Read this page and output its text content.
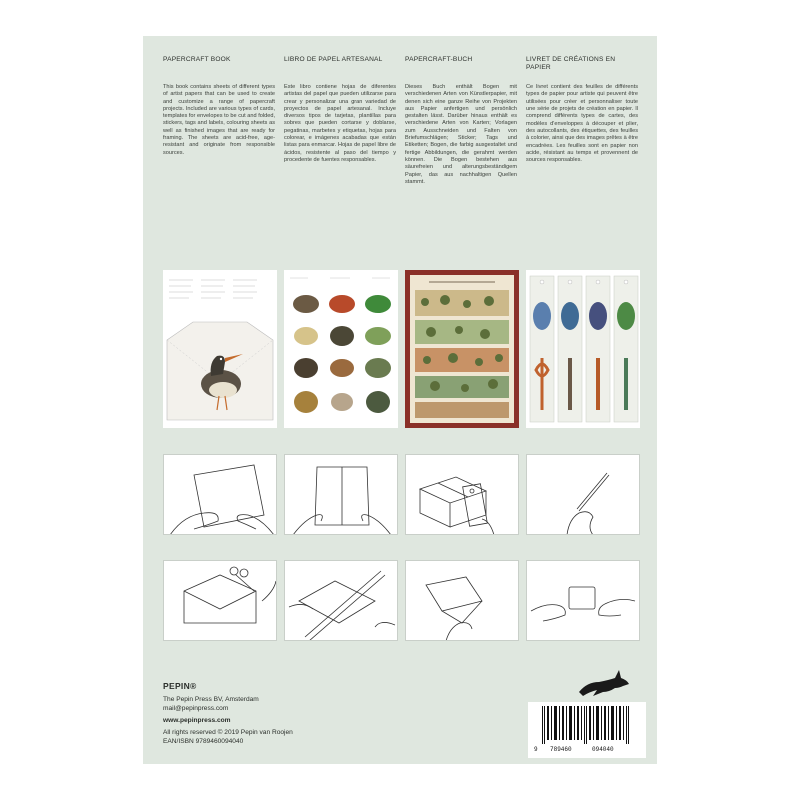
PAPERCRAFT BOOK

This book contains sheets of different types of artist papers that can be used to create and customize a range of papercraft projects. Included are various types of cards, templates for envelopes to be cut and folded, stickers, tags and labels, colouring sheets as well as finished images that are ready for framing. The sheets are acid-free, age-resistant and originate from responsible sources.

LIBRO DE PAPEL ARTESANAL

Este libro contiene hojas de diferentes artistas del papel que pueden utilizarse para crear y personalizar una gran variedad de proyectos de papel artesanal. Incluye diversos tipos de tarjetas, plantillas para sobres que pueden cortarse y doblarse, pegatinas, marbetes y etiquetas, hojas para colorear, e imágenes acabadas que están listas para enmarcar. Hojas de papel libre de ácidos, resistente al paso del tiempo y procedente de fuentes responsables.

PAPERCRAFT-BUCH

Dieses Buch enthält Bogen mit verschiedenen Arten von Künstlerpapier, mit denen sich eine ganze Reihe von Projekten aus Papier anfertigen und persönlich gestalten lässt. Darüber hinaus enthält es verschiedene Arten von Karten; Vorlagen zum Ausschneiden und Falten von Briefumschlägen; Sticker; Tags und Etiketten; Bogen, die farbig ausgestaltet und fertige Abbildungen, die gerahmt werden können. Die Bogen bestehen aus säurefreien und alterungsbeständigem Papier, das aus nachhaltigen Quellen stammt.

LIVRET DE CRÉATIONS EN PAPIER

Ce livret contient des feuilles de différents types de papier pour artiste qui peuvent être utilisées pour créer et personnaliser toute une série de projets de création en papier. Il comprend différents types de cartes, des modèles d'enveloppes à découper et plier, des autocollants, des étiquettes, des feuilles à colorier, ainsi que des images prêtes à être encadrées. Les feuilles sont en papier non acide, résistant au temps et provennent de sources responsables.

PEPIN®
The Pepin Press BV, Amsterdam
mail@pepinpress.com
www.pepinpress.com
All rights reserved © 2019 Pepin van Roojen
EAN/ISBN 9789460094040
9 789460	094040
